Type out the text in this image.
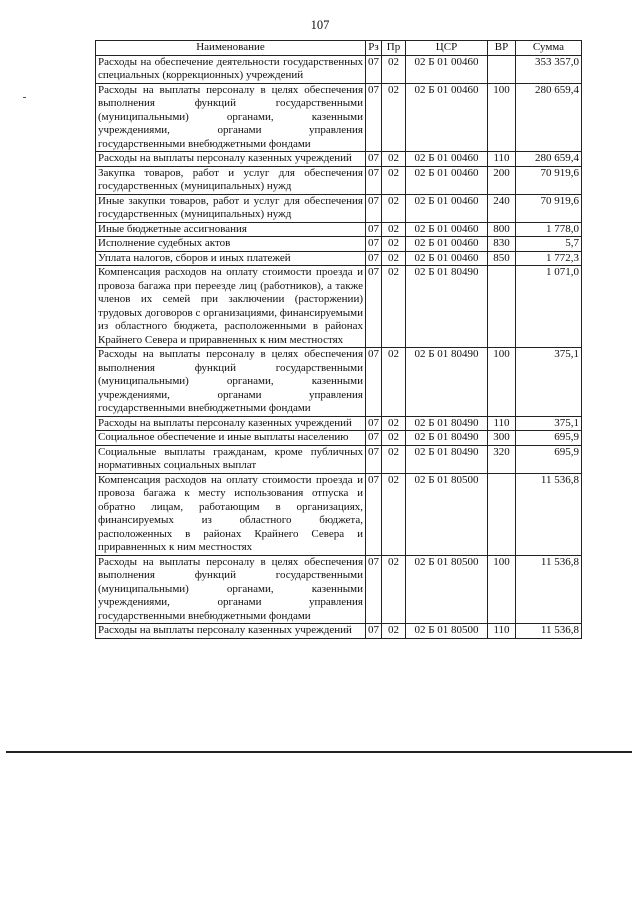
107
Наименование	Рз	Пр	ЦСР	ВР	Сумма
Расходы на обеспечение деятельности государственных специальных (коррекционных) учреждений	07	02	02 Б 01 00460		353 357,0
Расходы на выплаты персоналу в целях обеспечения выполнения функций государственными (муниципальными) органами, казенными учреждениями, органами управления государственными внебюджетными фондами	07	02	02 Б 01 00460	100	280 659,4
Расходы на выплаты персоналу казенных учреждений	07	02	02 Б 01 00460	110	280 659,4
Закупка товаров, работ и услуг для обеспечения государственных (муниципальных) нужд	07	02	02 Б 01 00460	200	70 919,6
Иные закупки товаров, работ и услуг для обеспечения государственных (муниципальных) нужд	07	02	02 Б 01 00460	240	70 919,6
Иные бюджетные ассигнования	07	02	02 Б 01 00460	800	1 778,0
Исполнение судебных актов	07	02	02 Б 01 00460	830	5,7
Уплата налогов, сборов и иных платежей	07	02	02 Б 01 00460	850	1 772,3
Компенсация расходов на оплату стоимости проезда и провоза багажа при переезде лиц (работников), а также членов их семей при заключении (расторжении) трудовых договоров с организациями, финансируемыми из областного бюджета, расположенными в районах Крайнего Севера и приравненных к ним местностях	07	02	02 Б 01 80490		1 071,0
Расходы на выплаты персоналу в целях обеспечения выполнения функций государственными (муниципальными) органами, казенными учреждениями, органами управления государственными внебюджетными фондами	07	02	02 Б 01 80490	100	375,1
Расходы на выплаты персоналу казенных учреждений	07	02	02 Б 01 80490	110	375,1
Социальное обеспечение и иные выплаты населению	07	02	02 Б 01 80490	300	695,9
Социальные выплаты гражданам, кроме публичных нормативных социальных выплат	07	02	02 Б 01 80490	320	695,9
Компенсация расходов на оплату стоимости проезда и провоза багажа к месту использования отпуска и обратно лицам, работающим в организациях, финансируемых из областного бюджета, расположенных в районах Крайнего Севера и приравненных к ним местностях	07	02	02 Б 01 80500		11 536,8
Расходы на выплаты персоналу в целях обеспечения выполнения функций государственными (муниципальными) органами, казенными учреждениями, органами управления государственными внебюджетными фондами	07	02	02 Б 01 80500	100	11 536,8
Расходы на выплаты персоналу казенных учреждений	07	02	02 Б 01 80500	110	11 536,8
